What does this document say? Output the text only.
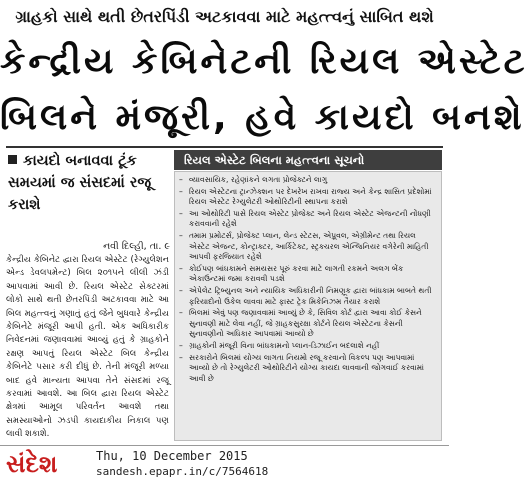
ગ્રાહકો સાથે થતી છેતરપિંડી અટકાવવા માટે મહત્ત્વનું સાબિત થશે
કેન્દ્રીય કેબિનેટની રિયલ એસ્ટેટ
બિલને મંજૂરી, હવે કાયદો બનશે
કાયદો બનાવવા ટૂંક સમયમાં જ સંસદમાં રજૂ કરાશે
નવી દિલ્હી, તા. ૯
કેન્દ્રીય કેબિનેટ દ્વારા રિયલ એસ્ટેટ (રેગ્યુલેશન એન્ડ ડેવલપમેન્ટ) બિલ ૨૦૧૫ને લીલી ઝંડી આપવામાં આવી છે. રિયલ એસ્ટેટ સેક્ટરમાં લોકો સાથે થતી છેતરપિંડી અટકાવવા માટે આ બિલ મહત્ત્વનું ગણાતું હતું જેને બુધવારે કેન્દ્રીય કેબિનેટે મંજૂરી આપી હતી. એક અધિકારીક નિવેદનમાં જણાવવામાં આવ્યું હતું કે ગ્રાહકોને રક્ષણ આપતું રિયલ એસ્ટેટ બિલ કેન્દ્રીય કેબિનેટે પસાર કરી દીધું છે. તેની મંજૂરી મળ્યા બાદ હવે માન્યતા આપવા તેને સંસદમાં રજૂ કરવામાં આવશે. આ બિલ દ્વારા રિયલ એસ્ટેટ ક્ષેત્રમાં આમૂલ પરિવર્તન આવશે તથા સમસ્યાઓનો ઝડપી કાયદાકીય નિકાલ પણ લાવી શકાશે.
રિયલ એસ્ટેટ બિલના મહત્ત્વના સૂચનો
– વ્યાવસાયિક, રહેણાંકને લગતા પ્રોજેક્ટને લાગુ
– રિયલ એસ્ટેટના ટ્રાન્ઝેક્શન પર દેખરેખ રાખવા રાજ્ય અને કેન્દ્ર શાસિત પ્રદેશોમાં રિયલ એસ્ટેટ રેગ્યુલેટરી ઓથોરિટીની સ્થાપના કરાશે
– આ ઓથોરિટી પાસે રિયલ એસ્ટેટ પ્રોજેક્ટ અને રિયલ એસ્ટેટ એજન્ટની નોંધણી કરાવવાની રહેશે
– તમામ પ્રમોટર્સ, પ્રોજેક્ટ પ્લાન, લેન્ડ સ્ટેટસ, એપ્રૂવલ, એગ્રીમેન્ટ તથા રિયલ એસ્ટેટ એજન્ટ, કોન્ટ્રાક્ટર, આર્કિટેક્ટ, સ્ટ્રક્ચરલ એન્જિનિયર વગેરેની માહિતી આપવી ફરજિયાત રહેશે
– કોઈપણ બાંધકામને સમયસર પૂરું કરવા માટે લાગતી રકમને અલગ બેંક એકાઉન્ટમાં જમા કરાવવી પડશે
– એપેલેટ ટ્રિબ્યુનલ અને ન્યાયિક અધિકારીની નિમણૂક દ્વારા બાંધકામ બાબતે થતી ફરિયાદોનો ઉકેલ લાવવા માટે ફાસ્ટ ટ્રેક મિકેનિઝમ તૈયાર કરાશે
– બિલમાં એવું પણ જણાવવામાં આવ્યું છે કે, સિવિલ કોર્ટ દ્વારા આવા કોઈ કેસને સુનાવણી માટે લેવા નહીં, જે ગ્રાહકસુરક્ષા કોર્ટને રિયલ એસ્ટેટના કેસની સુનાવણીનો અધિકાર આપવામાં આવ્યો છે
– ગ્રાહકોની મંજૂરી વિના બાંધકામનો પ્લાન-ડિઝાઈન બદલાશે નહીં
– સરકારોને બિલમાં યોગ્ય લાગતા નિયમો રજૂ કરવાનો વિકલ્પ પણ આપવામાં આવ્યો છે તો રેગ્યુલેટરી ઓથોરિટીને યોગ્ય કાયદા લાવવાની જોગવાઈ કરવામાં આવી છે
સંદેશ	Thu, 10 December 2015
sandesh.epapr.in/c/7564618
